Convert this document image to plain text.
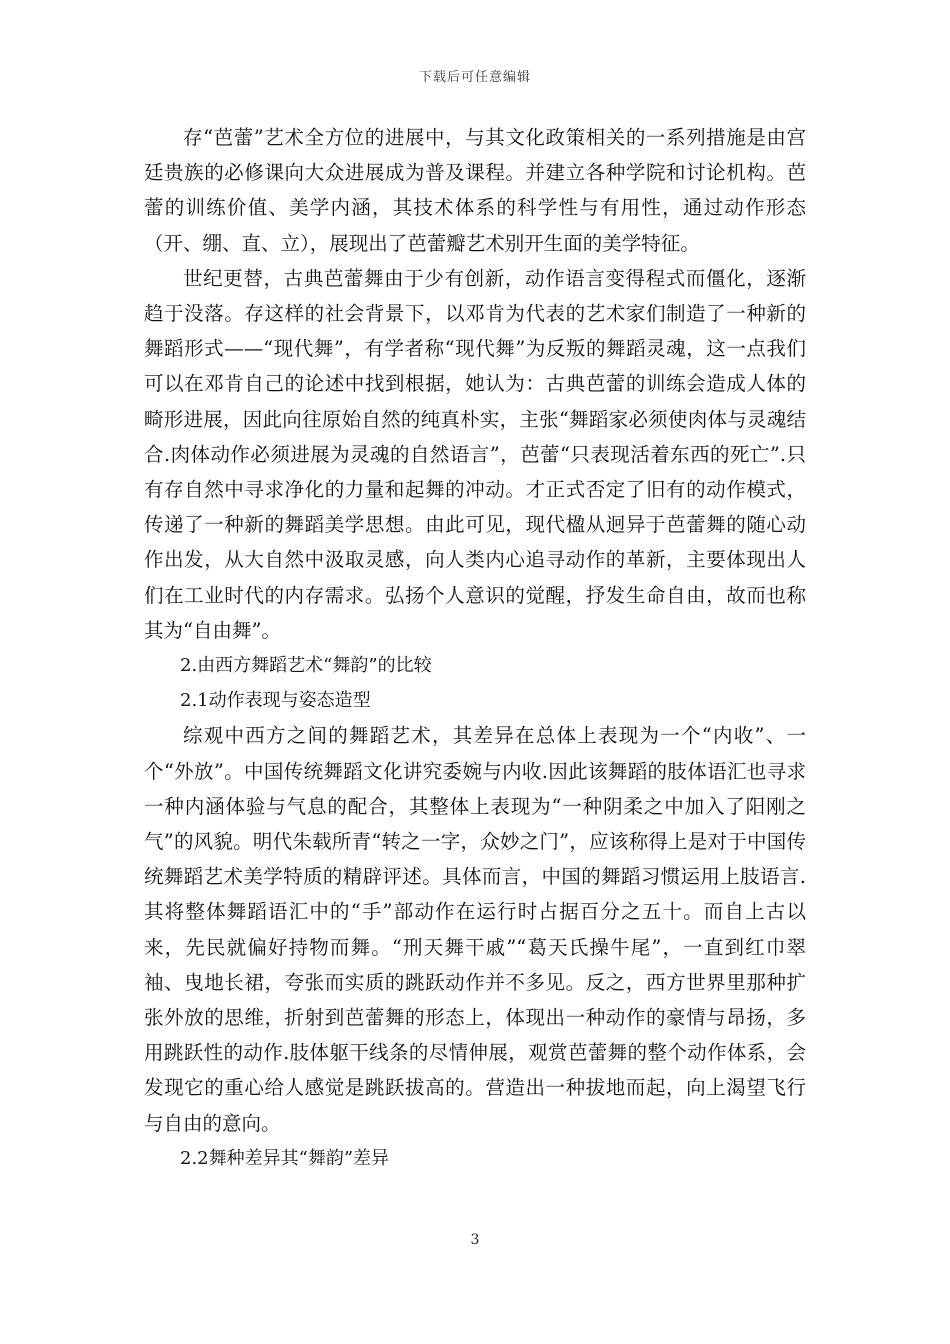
下载后可任意编辑

存“芭蕾”艺术全方位的进展中，与其文化政策相关的一系列措施是由宫廷贵族的必修课向大众进展成为普及课程。并建立各种学院和讨论机构。芭蕾的训练价值、美学内涵，其技术体系的科学性与有用性，通过动作形态（开、绷、直、立），展现出了芭蕾瓣艺术别开生面的美学特征。

世纪更替，古典芭蕾舞由于少有创新，动作语言变得程式而僵化，逐渐趋于没落。存这样的社会背景下，以邓肯为代表的艺术家们制造了一种新的舞蹈形式——“现代舞”，有学者称“现代舞”为反叛的舞蹈灵魂，这一点我们可以在邓肯自己的论述中找到根据，她认为：古典芭蕾的训练会造成人体的畸形进展，因此向往原始自然的纯真朴实，主张“舞蹈家必须使肉体与灵魂结合.肉体动作必须进展为灵魂的自然语言”，芭蕾“只表现活着东西的死亡”.只有存自然中寻求净化的力量和起舞的冲动。才正式否定了旧有的动作模式，传递了一种新的舞蹈美学思想。由此可见，现代楹从迥异于芭蕾舞的随心动作出发，从大自然中汲取灵感，向人类内心追寻动作的革新，主要体现出人们在工业时代的内存需求。弘扬个人意识的觉醒，抒发生命自由，故而也称其为“自由舞”。

2.由西方舞蹈艺术“舞韵”的比较

2.1动作表现与姿态造型

综观中西方之间的舞蹈艺术，其差异在总体上表现为一个“内收”、一个“外放”。中国传统舞蹈文化讲究委婉与内收.因此该舞蹈的肢体语汇也寻求一种内涵体验与气息的配合，其整体上表现为“一种阴柔之中加入了阳刚之气”的风貌。明代朱载所青“转之一字，众妙之门”，应该称得上是对于中国传统舞蹈艺术美学特质的精辟评述。具体而言，中国的舞蹈习惯运用上肢语言.其将整体舞蹈语汇中的“手”部动作在运行时占据百分之五十。而自上古以来，先民就偏好持物而舞。“刑天舞干戚”“葛天氏操牛尾”，一直到红巾翠袖、曳地长裙，夸张而实质的跳跃动作并不多见。反之，西方世界里那种扩张外放的思维，折射到芭蕾舞的形态上，体现出一种动作的豪情与昂扬，多用跳跃性的动作.肢体躯干线条的尽情伸展，观赏芭蕾舞的整个动作体系，会发现它的重心给人感觉是跳跃拔高的。营造出一种拔地而起，向上渴望飞行与自由的意向。

2.2舞种差异其“舞韵”差异

3
